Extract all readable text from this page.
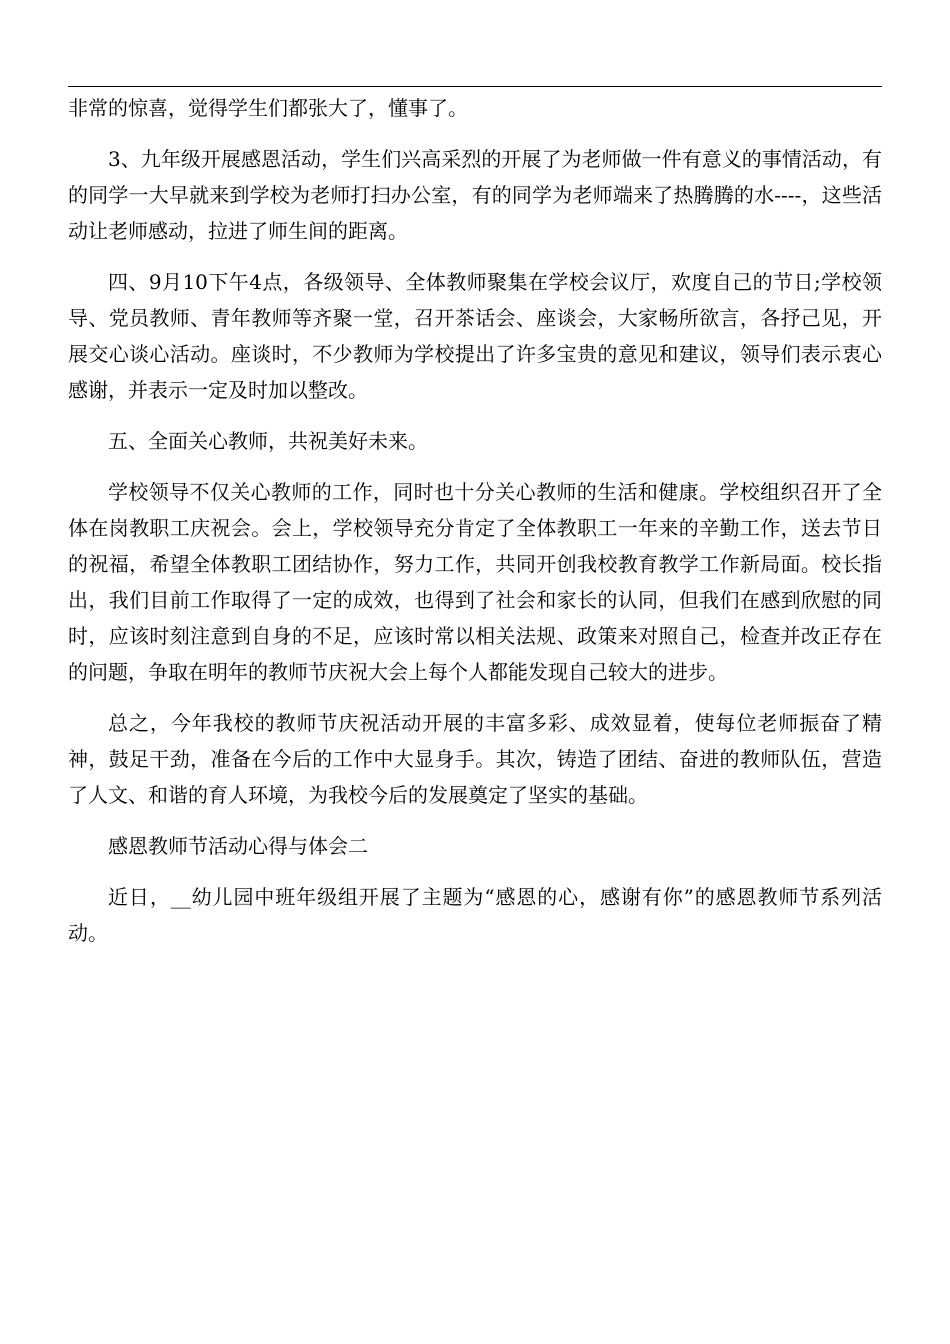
非常的惊喜，觉得学生们都张大了，懂事了。

3、九年级开展感恩活动，学生们兴高采烈的开展了为老师做一件有意义的事情活动，有的同学一大早就来到学校为老师打扫办公室，有的同学为老师端来了热腾腾的水----，这些活动让老师感动，拉进了师生间的距离。

四、9月10下午4点，各级领导、全体教师聚集在学校会议厅，欢度自己的节日;学校领导、党员教师、青年教师等齐聚一堂，召开茶话会、座谈会，大家畅所欲言，各抒己见，开展交心谈心活动。座谈时，不少教师为学校提出了许多宝贵的意见和建议，领导们表示衷心感谢，并表示一定及时加以整改。

五、全面关心教师，共祝美好未来。

学校领导不仅关心教师的工作，同时也十分关心教师的生活和健康。学校组织召开了全体在岗教职工庆祝会。会上，学校领导充分肯定了全体教职工一年来的辛勤工作，送去节日的祝福，希望全体教职工团结协作，努力工作，共同开创我校教育教学工作新局面。校长指出，我们目前工作取得了一定的成效，也得到了社会和家长的认同，但我们在感到欣慰的同时，应该时刻注意到自身的不足，应该时常以相关法规、政策来对照自己，检查并改正存在的问题，争取在明年的教师节庆祝大会上每个人都能发现自己较大的进步。

总之，今年我校的教师节庆祝活动开展的丰富多彩、成效显着，使每位老师振奋了精神，鼓足干劲，准备在今后的工作中大显身手。其次，铸造了团结、奋进的教师队伍，营造了人文、和谐的育人环境，为我校今后的发展奠定了坚实的基础。

感恩教师节活动心得与体会二

近日，__幼儿园中班年级组开展了主题为“感恩的心，感谢有你”的感恩教师节系列活动。
